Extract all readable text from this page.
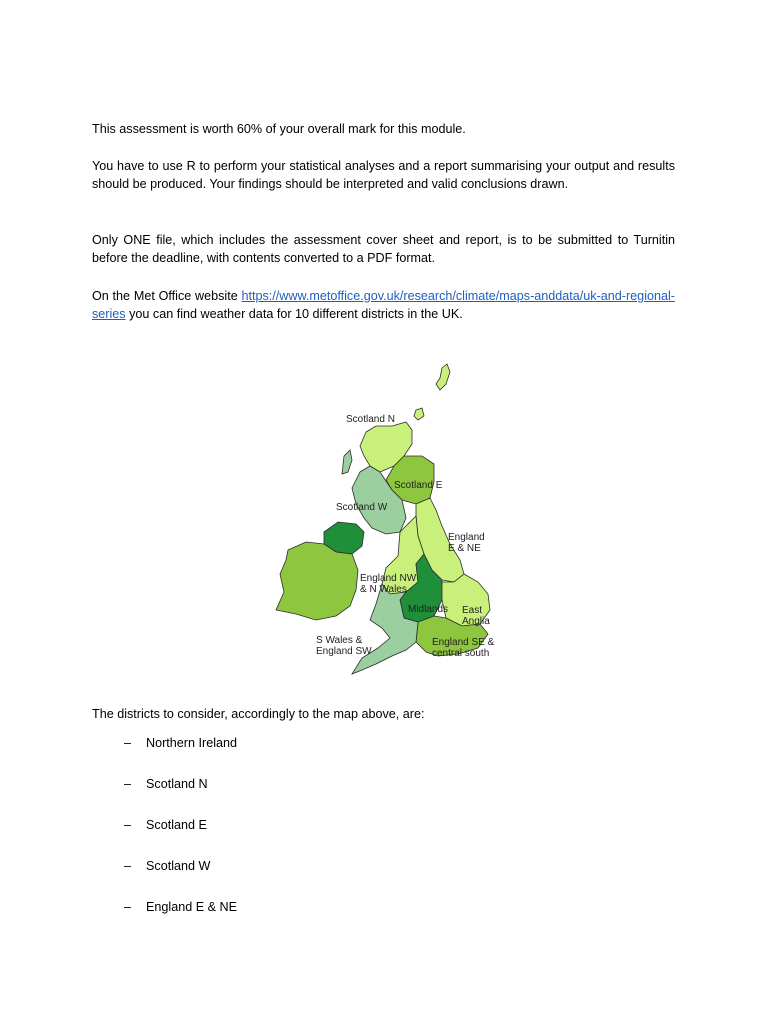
This assessment is worth 60% of your overall mark for this module.

You have to use R to perform your statistical analyses and a report summarising your output and results should be produced. Your findings should be interpreted and valid conclusions drawn.

Only ONE file, which includes the assessment cover sheet and report, is to be submitted to Turnitin before the deadline, with contents converted to a PDF format.

On the Met Office website https://www.metoffice.gov.uk/research/climate/maps-anddata/uk-and-regional-series you can find weather data for 10 different districts in the UK.

Scotland N
Scotland E
Scotland W
England
E & NE
England NW
& N Wales
Midlands East
Anglia
S Wales &
England SW
England SE &
central south

The districts to consider, accordingly to the map above, are:

–	Northern Ireland
–	Scotland N
–	Scotland E
–	Scotland W
–	England E & NE
